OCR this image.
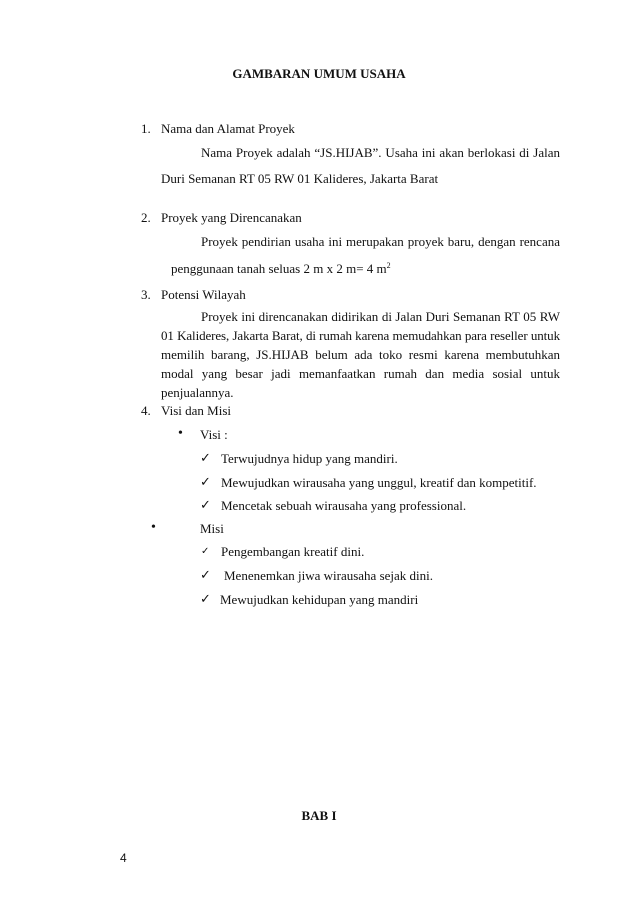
GAMBARAN UMUM USAHA
1. Nama dan Alamat Proyek
Nama Proyek adalah “JS.HIJAB”. Usaha ini akan berlokasi di Jalan
Duri Semanan RT 05 RW 01 Kalideres, Jakarta Barat
2. Proyek yang Direncanakan
Proyek pendirian usaha ini merupakan proyek baru, dengan rencana
penggunaan tanah seluas 2 m x 2 m= 4 $m^2$
3. Potensi Wilayah
Proyek ini direncanakan didirikan di Jalan Duri Semanan RT 05 RW
01 Kalideres, Jakarta Barat, di rumah karena memudahkan para reseller untuk
memilih barang, JS.HIJAB belum ada toko resmi karena membutuhkan
modal yang besar jadi memanfaatkan rumah dan media sosial untuk
penjualannya.
4. Visi dan Misi
• Visi :
✓ Terwujudnya hidup yang mandiri.
✓ Mewujudkan wirausaha yang unggul, kreatif dan kompetitif.
✓ Mencetak sebuah wirausaha yang professional.
•	Misi
✓ Pengembangan kreatif dini.
✓ Menenemkan jiwa wirausaha sejak dini.
✓ Mewujudkan kehidupan yang mandiri
BAB I
4
